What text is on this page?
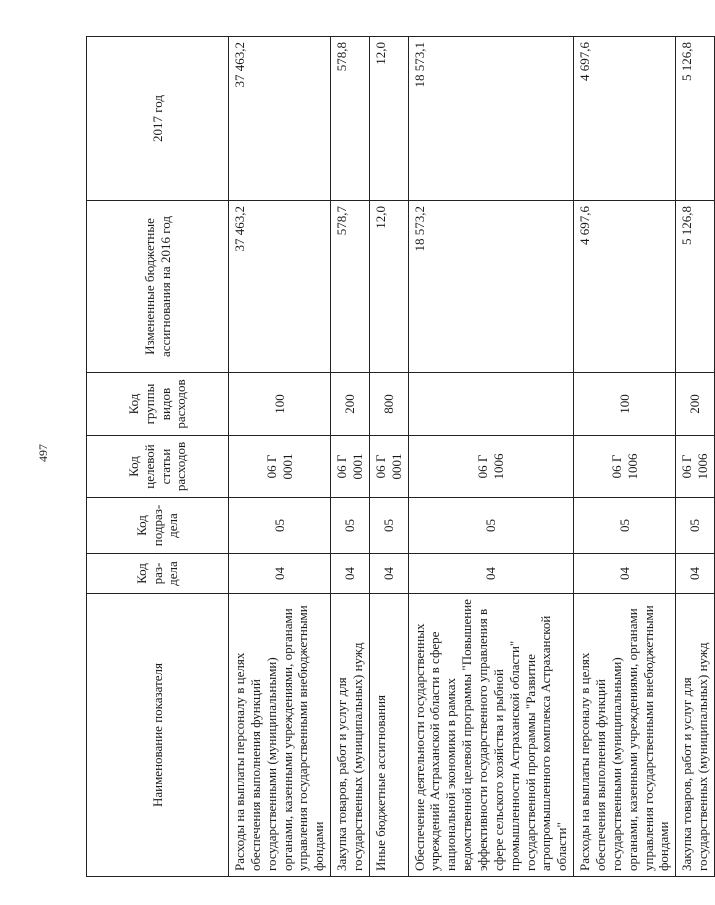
497
Наименование показателя	Код раз-дела	Код подраз-дела	Код целевой статьи расходов	Код группы видов расходов	Измененные бюджетные ассигнования на 2016 год	2017 год
Расходы на выплаты персоналу в целях обеспечения выполнения функций государственными (муниципальными) органами, казенными учреждениями, органами управления государственными внебюджетными фондами	04	05	06 Г 0001	100	37 463,2	37 463,2
Закупка товаров, работ и услуг для государственных (муниципальных) нужд	04	05	06 Г 0001	200	578,7	578,8
Иные бюджетные ассигнования	04	05	06 Г 0001	800	12,0	12,0
Обеспечение деятельности государственных учреждений Астраханской области в сфере национальной экономики в рамках ведомственной целевой программы "Повышение эффективности государственного управления в сфере сельского хозяйства и рыбной промышленности Астраханской области" государственной программы "Развитие агропромышленного комплекса Астраханской области"	04	05	06 Г 1006		18 573,2	18 573,1
Расходы на выплаты персоналу в целях обеспечения выполнения функций государственными (муниципальными) органами, казенными учреждениями, органами управления государственными внебюджетными фондами	04	05	06 Г 1006	100	4 697,6	4 697,6
Закупка товаров, работ и услуг для государственных (муниципальных) нужд	04	05	06 Г 1006	200	5 126,8	5 126,8
